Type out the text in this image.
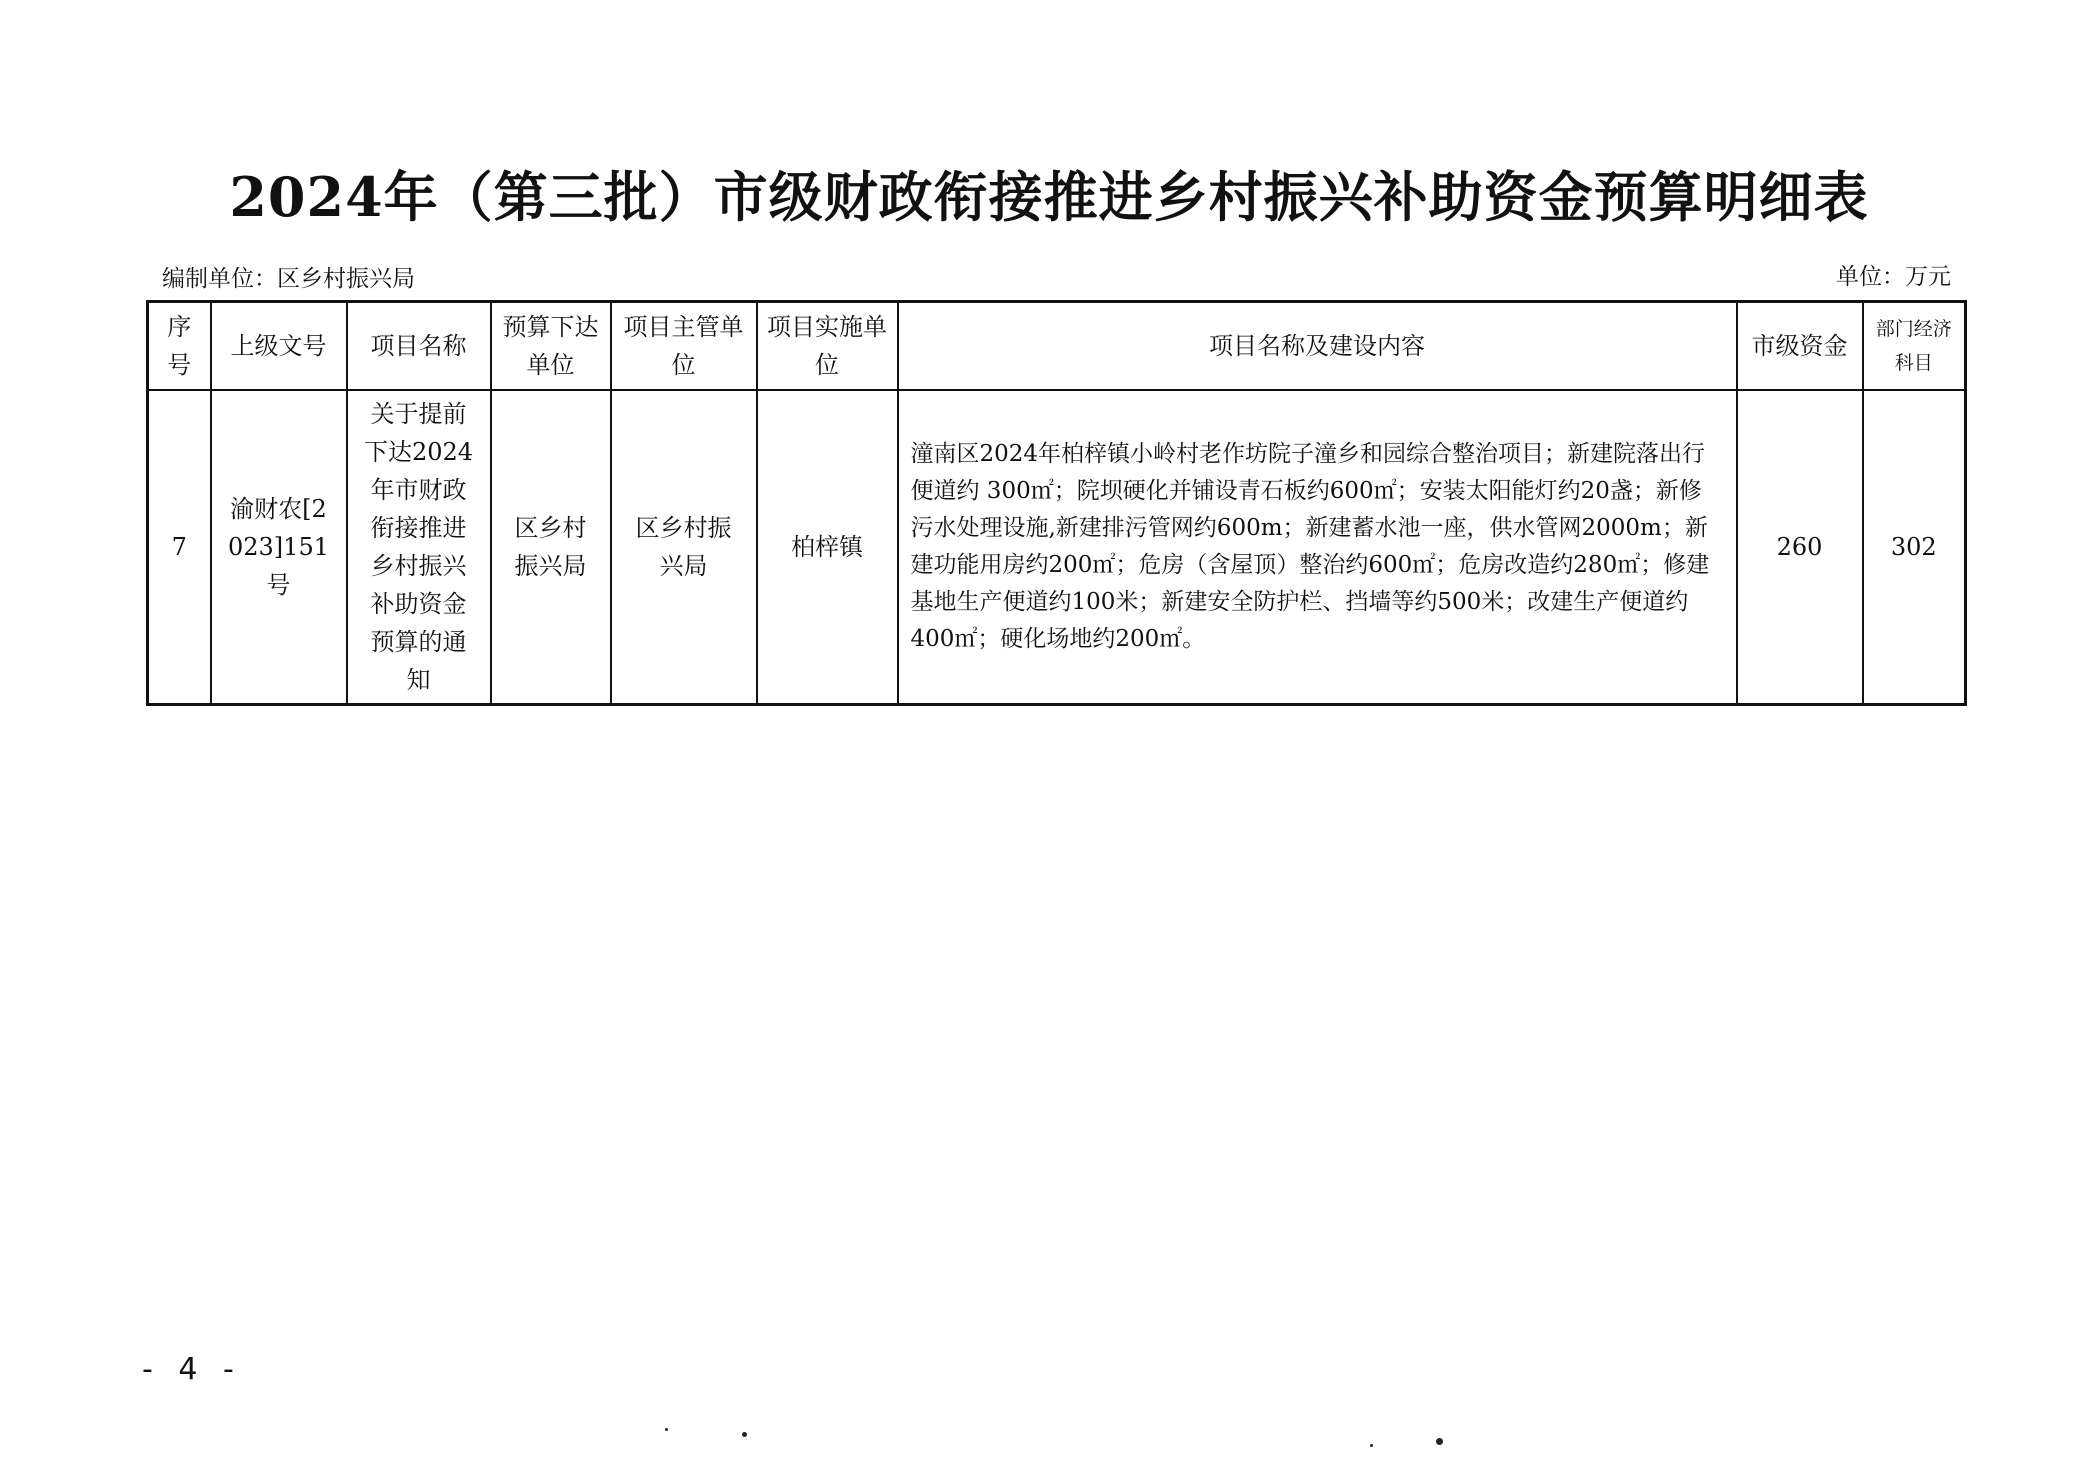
2024年（第三批）市级财政衔接推进乡村振兴补助资金预算明细表
编制单位：区乡村振兴局	单位：万元
序号	上级文号	项目名称	预算下达单位	项目主管单位	项目实施单位	项目名称及建设内容	市级资金	部门经济科目
7	渝财农[2023]151号	关于提前下达2024年市财政衔接推进乡村振兴补助资金预算的通知	区乡村振兴局	区乡村振兴局	柏梓镇	潼南区2024年柏梓镇小岭村老作坊院子潼乡和园综合整治项目；新建院落出行便道约 300㎡；院坝硬化并铺设青石板约600㎡；安装太阳能灯约20盏；新修污水处理设施,新建排污管网约600m；新建蓄水池一座，供水管网2000m；新建功能用房约200㎡；危房（含屋顶）整治约600㎡；危房改造约280㎡；修建基地生产便道约100米；新建安全防护栏、挡墙等约500米；改建生产便道约400㎡；硬化场地约200㎡。	260	302
- 4 -
